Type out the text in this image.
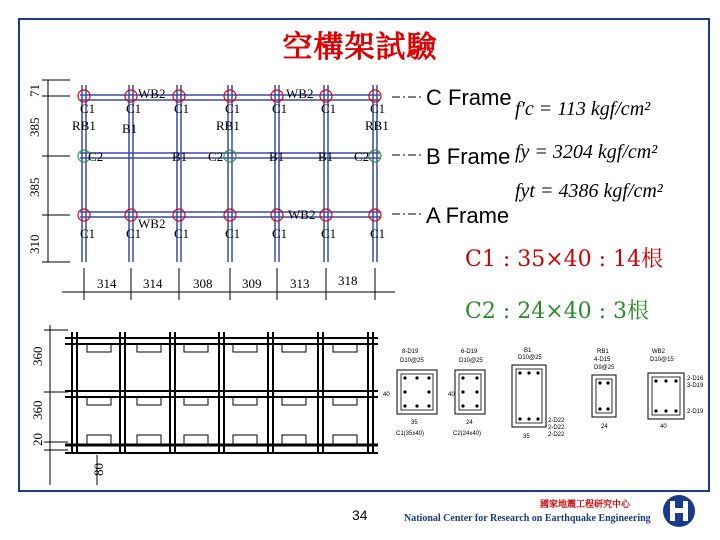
空構架試驗
WB2	WB2
C1 C1	C1	C1 C1	C1	C1
RB1 B1	RB1	RB1
C2	B1 C2	B1	B1 C2
WB2
WB2
C1 C1	C1	C1 C1	C1	C1
C Frame
B Frame
A Frame
71
385
385
310
314 314 308 309 313 318
f′c = 113 kgf/cm²
fy = 3204 kgf/cm²
fyt = 4386 kgf/cm²
C1 : 35×40 : 14根
C2 : 24×40 : 3根
360
360
20
80
8-D19
D10@25
6-D19
D10@25
B1
D10@25
RB1
4-D15
D9@25
WB2
D10@15
2-D16
3-D19
2-D19
2-D22
2-D22
2-D22
35
40
24
40
35
24	40
C1(35x40)	C2(24x40)
34
國家地震工程研究中心
National Center for Research on Earthquake Engineering
